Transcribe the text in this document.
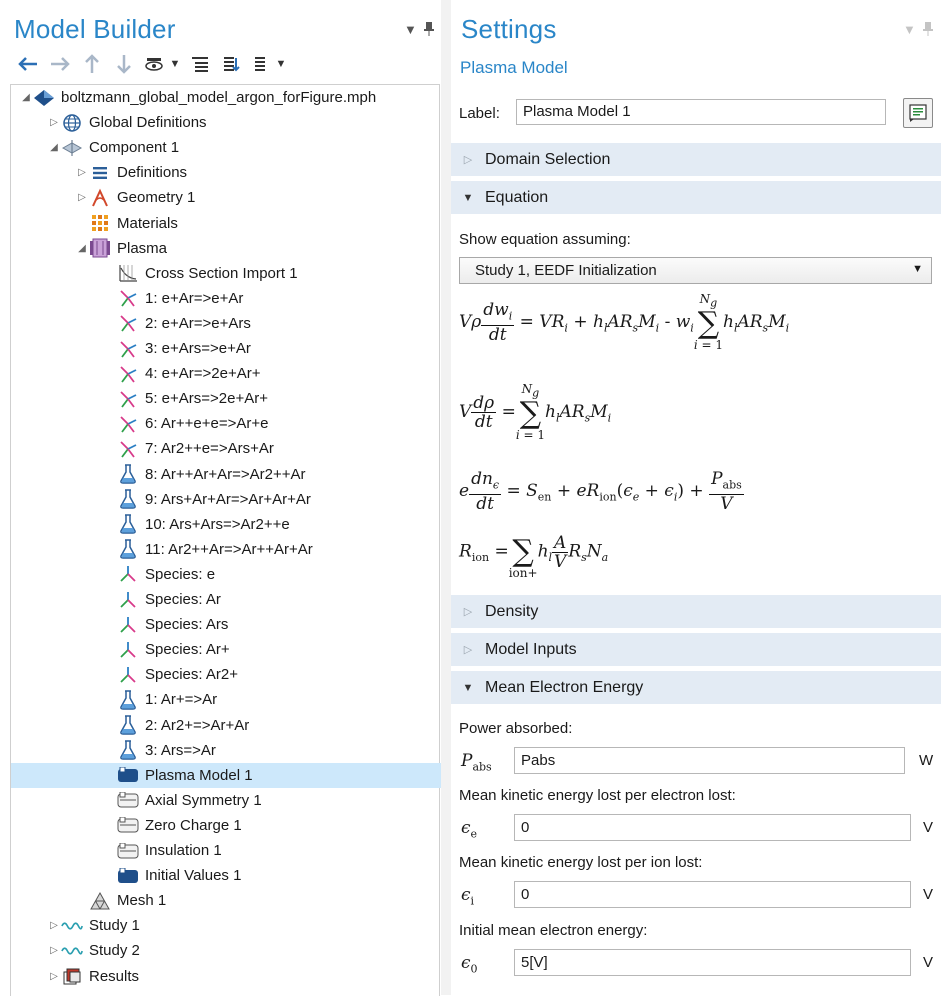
Model Builder	▼
▼	▼
◢ boltzmann_global_model_argon_forFigure.mph
▷ Global Definitions
◢ Component 1
▷ Definitions
▷ Geometry 1
Materials
◢ Plasma
Cross Section Import 1
1: e+Ar=>e+Ar
2: e+Ar=>e+Ars
3: e+Ars=>e+Ar
4: e+Ar=>2e+Ar+
5: e+Ars=>2e+Ar+
6: Ar++e+e=>Ar+e
7: Ar2++e=>Ars+Ar
8: Ar++Ar+Ar=>Ar2++Ar
9: Ars+Ar+Ar=>Ar+Ar+Ar
10: Ars+Ars=>Ar2++e
11: Ar2++Ar=>Ar++Ar+Ar
Species: e
Species: Ar
Species: Ars
Species: Ar+
Species: Ar2+
1: Ar+=>Ar
2: Ar2+=>Ar+Ar
3: Ars=>Ar
Plasma Model 1
Axial Symmetry 1
Zero Charge 1
Insulation 1
Initial Values 1
Mesh 1
▷ Study 1
▷ Study 2
▷ Results
Settings	▼
Plasma Model
Label:	Plasma Model 1
▷ Domain Selection
▼ Equation
Show equation assuming:
Study 1, EEDF Initialization	▼
Vρ $\frac{dw_i}{dt} = VR_i + h_lAR_sM_i - w_i$
$N_g$
∑
i = 1
$h_lAR_sM_i$
V $\frac{d\rho}{dt}$ =
$N_g$
∑
i = 1
$h_lAR_sM_i$
e $\frac{dn_\epsilon}{dt} = S_{en} + eR_{ion}(\epsilon_e + \epsilon_i) + \frac{P_{abs}}{V}$
$R_{ion}$ =
∑
ion+
$h_l \frac{A}{V} R_sN_a$
▷ Density
▷ Model Inputs
▼ Mean Electron Energy
Power absorbed:
$P_{abs}$	Pabs	W
Mean kinetic energy lost per electron lost:
$\epsilon_e$	0	V
Mean kinetic energy lost per ion lost:
$\epsilon_i$	0	V
Initial mean electron energy:
$\epsilon_0$	5[V]	V
